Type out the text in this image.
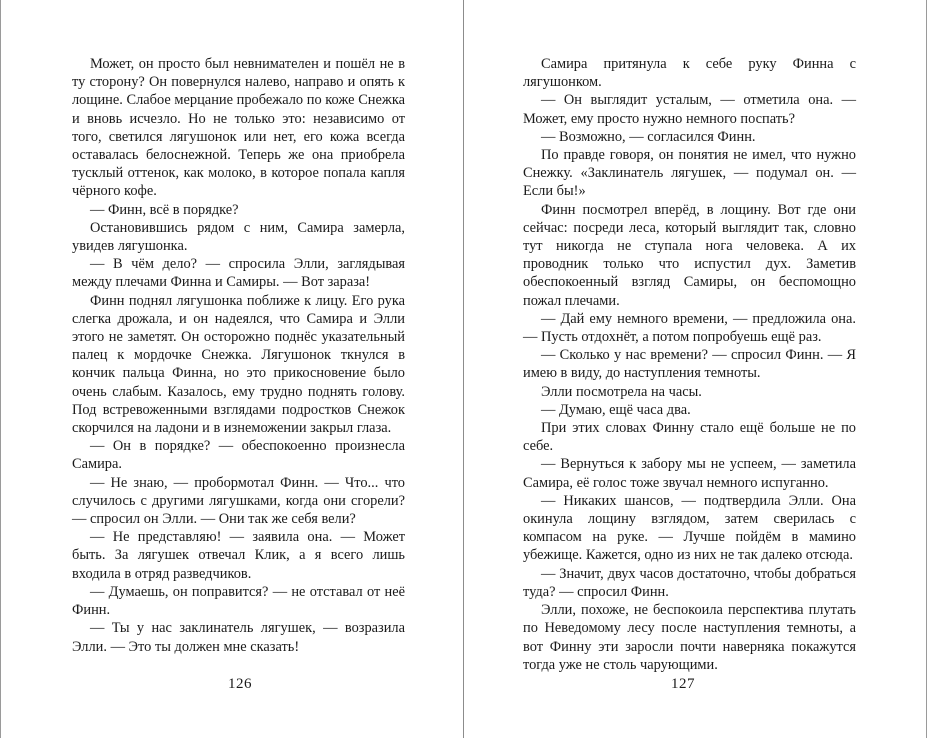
Может, он просто был невнимателен и пошёл не в ту сторону? Он повернулся налево, направо и опять к лощине. Слабое мерцание пробежало по коже Снежка и вновь исчезло. Но не только это: независимо от того, светился лягушонок или нет, его кожа всегда оставалась белоснежной. Теперь же она приобрела тусклый оттенок, как молоко, в которое попала капля чёрного кофе.

— Финн, всё в порядке?

Остановившись рядом с ним, Самира замерла, увидев лягушонка.

— В чём дело? — спросила Элли, заглядывая между плечами Финна и Самиры. — Вот зараза!

Финн поднял лягушонка поближе к лицу. Его рука слегка дрожала, и он надеялся, что Самира и Элли этого не заметят. Он осторожно поднёс указательный палец к мордочке Снежка. Лягушонок ткнулся в кончик пальца Финна, но это прикосновение было очень слабым. Казалось, ему трудно поднять голову. Под встревоженными взглядами подростков Снежок скорчился на ладони и в изнеможении закрыл глаза.

— Он в порядке? — обеспокоенно произнесла Самира.

— Не знаю, — пробормотал Финн. — Что... что случилось с другими лягушками, когда они сгорели? — спросил он Элли. — Они так же себя вели?

— Не представляю! — заявила она. — Может быть. За лягушек отвечал Клик, а я всего лишь входила в отряд разведчиков.

— Думаешь, он поправится? — не отставал от неё Финн.

— Ты у нас заклинатель лягушек, — возразила Элли. — Это ты должен мне сказать!

126

Самира притянула к себе руку Финна с лягушонком.

— Он выглядит усталым, — отметила она. — Может, ему просто нужно немного поспать?

— Возможно, — согласился Финн.

По правде говоря, он понятия не имел, что нужно Снежку. «Заклинатель лягушек, — подумал он. — Если бы!»

Финн посмотрел вперёд, в лощину. Вот где они сейчас: посреди леса, который выглядит так, словно тут никогда не ступала нога человека. А их проводник только что испустил дух. Заметив обеспокоенный взгляд Самиры, он беспомощно пожал плечами.

— Дай ему немного времени, — предложила она. — Пусть отдохнёт, а потом попробуешь ещё раз.

— Сколько у нас времени? — спросил Финн. — Я имею в виду, до наступления темноты.

Элли посмотрела на часы.

— Думаю, ещё часа два.

При этих словах Финну стало ещё больше не по себе.

— Вернуться к забору мы не успеем, — заметила Самира, её голос тоже звучал немного испуганно.

— Никаких шансов, — подтвердила Элли. Она окинула лощину взглядом, затем сверилась с компасом на руке. — Лучше пойдём в мамино убежище. Кажется, одно из них не так далеко отсюда.

— Значит, двух часов достаточно, чтобы добраться туда? — спросил Финн.

Элли, похоже, не беспокоила перспектива плутать по Неведомому лесу после наступления темноты, а вот Финну эти заросли почти наверняка покажутся тогда уже не столь чарующими.

127
